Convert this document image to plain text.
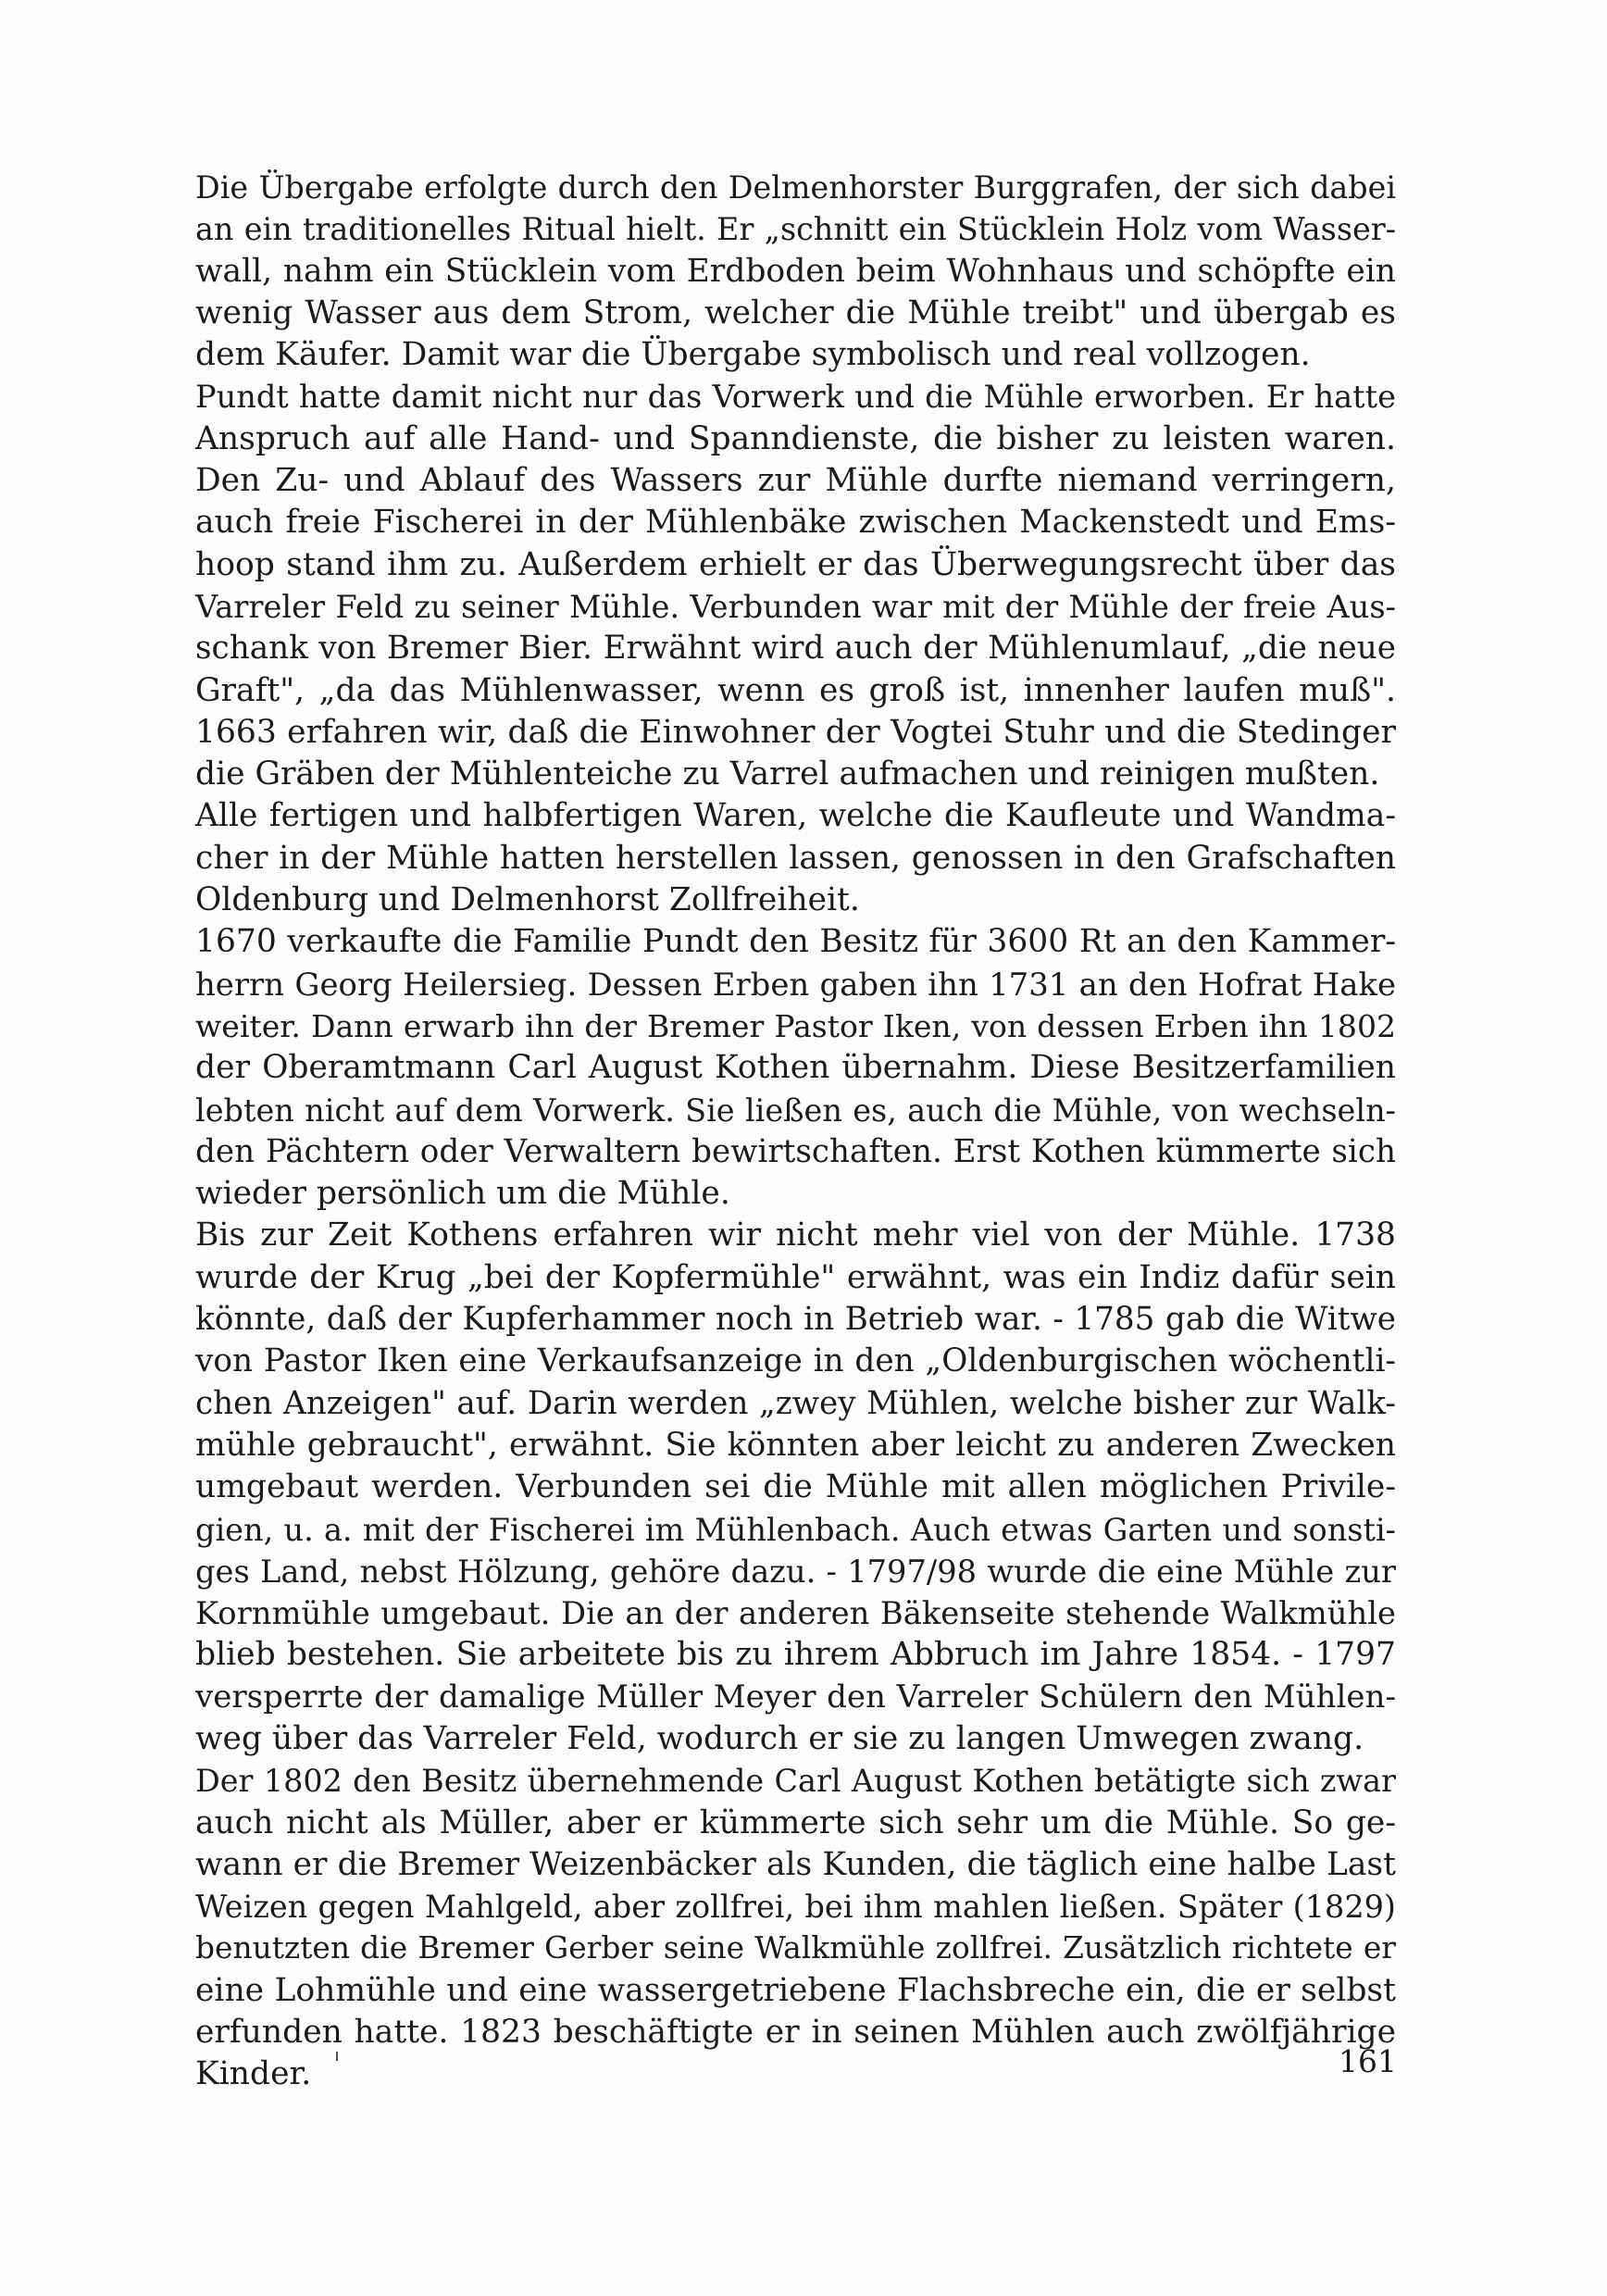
Die Übergabe erfolgte durch den Delmenhorster Burggrafen, der sich dabei
an ein traditionelles Ritual hielt. Er „schnitt ein Stücklein Holz vom Wasser-
wall, nahm ein Stücklein vom Erdboden beim Wohnhaus und schöpfte ein
wenig Wasser aus dem Strom, welcher die Mühle treibt" und übergab es
dem Käufer. Damit war die Übergabe symbolisch und real vollzogen.
Pundt hatte damit nicht nur das Vorwerk und die Mühle erworben. Er hatte
Anspruch auf alle Hand- und Spanndienste, die bisher zu leisten waren.
Den Zu- und Ablauf des Wassers zur Mühle durfte niemand verringern,
auch freie Fischerei in der Mühlenbäke zwischen Mackenstedt und Ems-
hoop stand ihm zu. Außerdem erhielt er das Überwegungsrecht über das
Varreler Feld zu seiner Mühle. Verbunden war mit der Mühle der freie Aus-
schank von Bremer Bier. Erwähnt wird auch der Mühlenumlauf, „die neue
Graft", „da das Mühlenwasser, wenn es groß ist, innenher laufen muß".
1663 erfahren wir, daß die Einwohner der Vogtei Stuhr und die Stedinger
die Gräben der Mühlenteiche zu Varrel aufmachen und reinigen mußten.
Alle fertigen und halbfertigen Waren, welche die Kaufleute und Wandma-
cher in der Mühle hatten herstellen lassen, genossen in den Grafschaften
Oldenburg und Delmenhorst Zollfreiheit.
1670 verkaufte die Familie Pundt den Besitz für 3600 Rt an den Kammer-
herrn Georg Heilersieg. Dessen Erben gaben ihn 1731 an den Hofrat Hake
weiter. Dann erwarb ihn der Bremer Pastor Iken, von dessen Erben ihn 1802
der Oberamtmann Carl August Kothen übernahm. Diese Besitzerfamilien
lebten nicht auf dem Vorwerk. Sie ließen es, auch die Mühle, von wechseln-
den Pächtern oder Verwaltern bewirtschaften. Erst Kothen kümmerte sich
wieder persönlich um die Mühle.
Bis zur Zeit Kothens erfahren wir nicht mehr viel von der Mühle. 1738
wurde der Krug „bei der Kopfermühle" erwähnt, was ein Indiz dafür sein
könnte, daß der Kupferhammer noch in Betrieb war. - 1785 gab die Witwe
von Pastor Iken eine Verkaufsanzeige in den „Oldenburgischen wöchentli-
chen Anzeigen" auf. Darin werden „zwey Mühlen, welche bisher zur Walk-
mühle gebraucht", erwähnt. Sie könnten aber leicht zu anderen Zwecken
umgebaut werden. Verbunden sei die Mühle mit allen möglichen Privile-
gien, u. a. mit der Fischerei im Mühlenbach. Auch etwas Garten und sonsti-
ges Land, nebst Hölzung, gehöre dazu. - 1797/98 wurde die eine Mühle zur
Kornmühle umgebaut. Die an der anderen Bäkenseite stehende Walkmühle
blieb bestehen. Sie arbeitete bis zu ihrem Abbruch im Jahre 1854. - 1797
versperrte der damalige Müller Meyer den Varreler Schülern den Mühlen-
weg über das Varreler Feld, wodurch er sie zu langen Umwegen zwang.
Der 1802 den Besitz übernehmende Carl August Kothen betätigte sich zwar
auch nicht als Müller, aber er kümmerte sich sehr um die Mühle. So ge-
wann er die Bremer Weizenbäcker als Kunden, die täglich eine halbe Last
Weizen gegen Mahlgeld, aber zollfrei, bei ihm mahlen ließen. Später (1829)
benutzten die Bremer Gerber seine Walkmühle zollfrei. Zusätzlich richtete er
eine Lohmühle und eine wassergetriebene Flachsbreche ein, die er selbst
erfunden hatte. 1823 beschäftigte er in seinen Mühlen auch zwölfjährige
Kinder.	161
